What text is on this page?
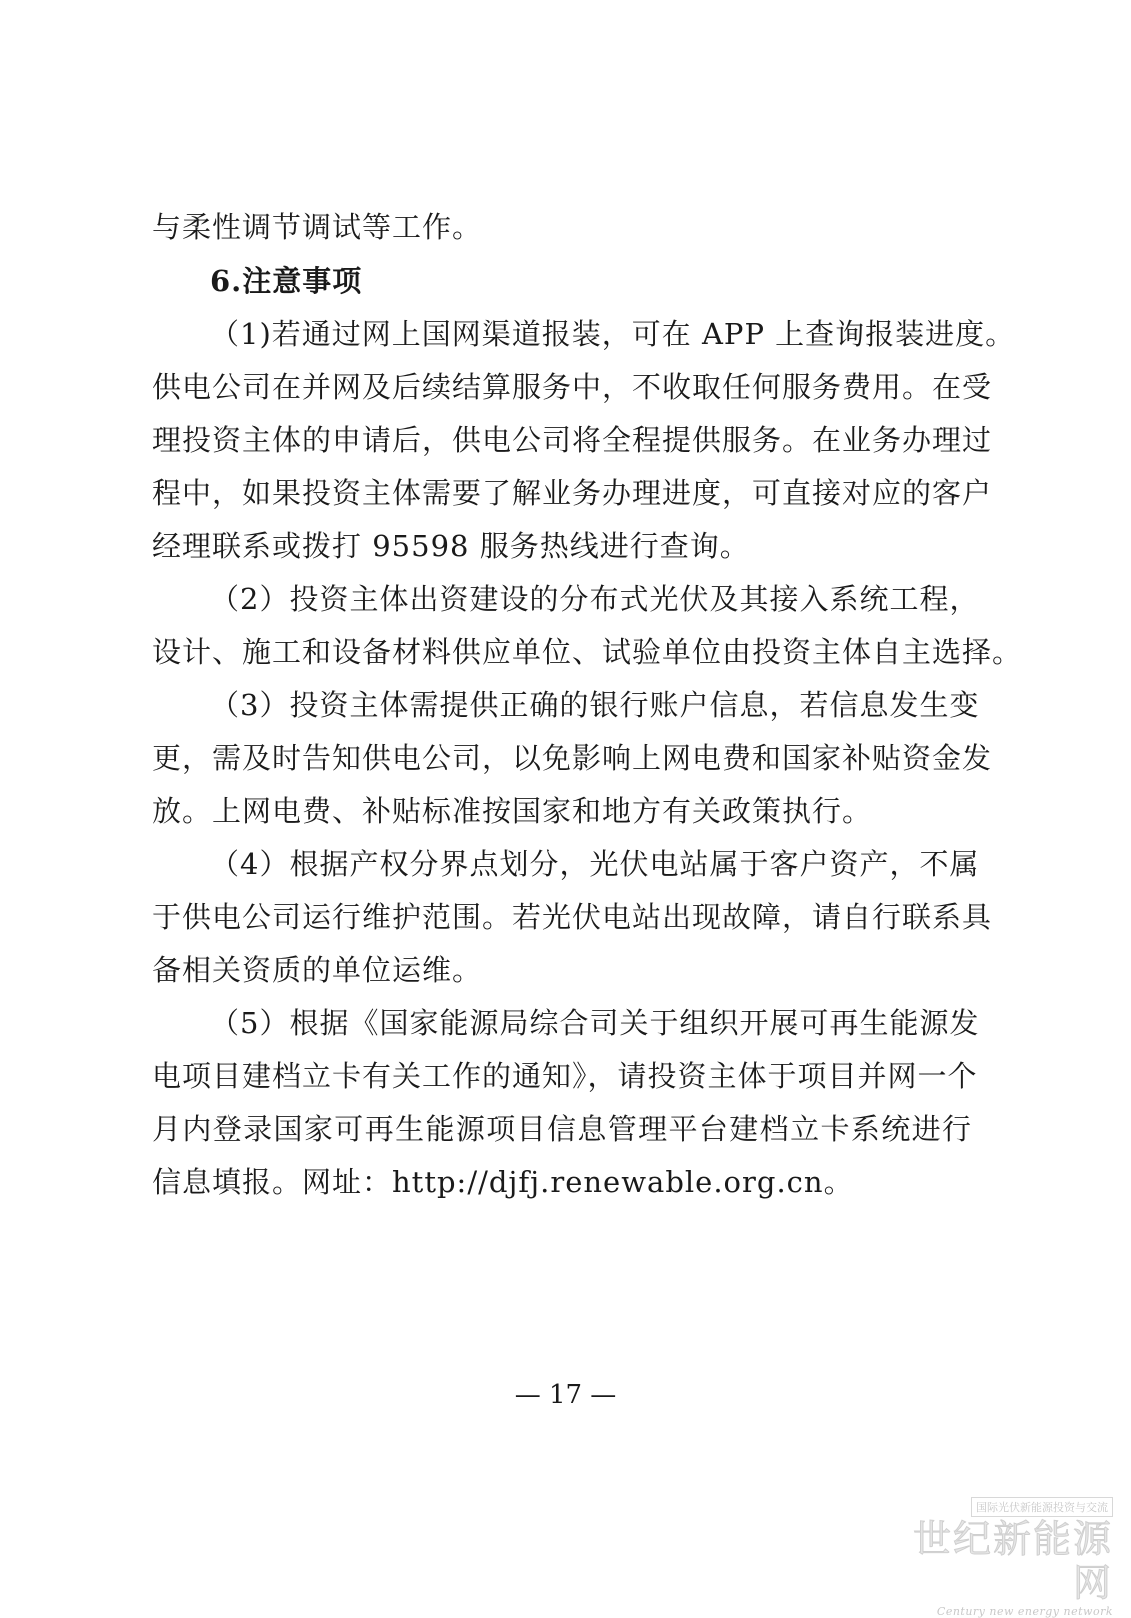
与柔性调节调试等工作。
6.注意事项
（1)若通过网上国网渠道报装，可在 APP 上查询报装进度。
供电公司在并网及后续结算服务中，不收取任何服务费用。在受
理投资主体的申请后，供电公司将全程提供服务。在业务办理过
程中，如果投资主体需要了解业务办理进度，可直接对应的客户
经理联系或拨打 95598 服务热线进行查询。
（2）投资主体出资建设的分布式光伏及其接入系统工程，
设计、施工和设备材料供应单位、试验单位由投资主体自主选择。
（3）投资主体需提供正确的银行账户信息，若信息发生变
更，需及时告知供电公司，以免影响上网电费和国家补贴资金发
放。上网电费、补贴标准按国家和地方有关政策执行。
（4）根据产权分界点划分，光伏电站属于客户资产，不属
于供电公司运行维护范围。若光伏电站出现故障，请自行联系具
备相关资质的单位运维。
（5）根据《国家能源局综合司关于组织开展可再生能源发
电项目建档立卡有关工作的通知》，请投资主体于项目并网一个
月内登录国家可再生能源项目信息管理平台建档立卡系统进行
信息填报。网址：http://djfj.renewable.org.cn。
— 17 —
国际光伏新能源投资与交流
世纪新能源网
Century new energy network
